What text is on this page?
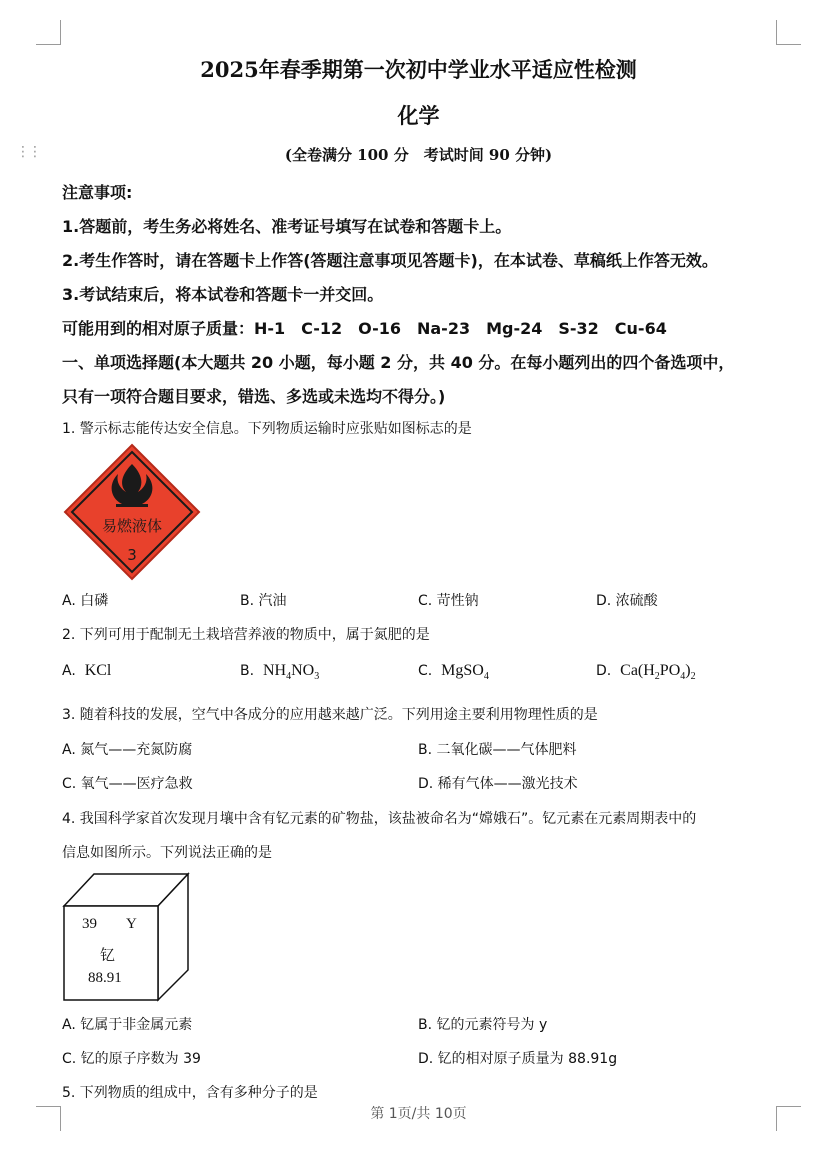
⋮⋮
2025年春季期第一次初中学业水平适应性检测
化学
(全卷满分 100 分　考试时间 90 分钟)
注意事项:
1.答题前，考生务必将姓名、准考证号填写在试卷和答题卡上。
2.考生作答时，请在答题卡上作答(答题注意事项见答题卡)，在本试卷、草稿纸上作答无效。
3.考试结束后，将本试卷和答题卡一并交回。
可能用到的相对原子质量：H-1　C-12　O-16　Na-23　Mg-24　S-32　Cu-64
一、单项选择题(本大题共 20 小题，每小题 2 分，共 40 分。在每小题列出的四个备选项中，
只有一项符合题目要求，错选、多选或未选均不得分。)
1. 警示标志能传达安全信息。下列物质运输时应张贴如图标志的是
易燃液体
3
A. 白磷	B. 汽油	C. 苛性钠	D. 浓硫酸
2. 下列可用于配制无土栽培营养液的物质中，属于氮肥的是
A. KCl	B. $NH_4NO_3$	C. MgSO$_4$	D. $Ca(H_2PO_4)_2$
3. 随着科技的发展，空气中各成分的应用越来越广泛。下列用途主要利用物理性质的是
A. 氮气——充氮防腐	B. 二氧化碳——气体肥料
C. 氧气——医疗急救	D. 稀有气体——激光技术
4. 我国科学家首次发现月壤中含有钇元素的矿物盐，该盐被命名为“嫦娥石”。钇元素在元素周期表中的
信息如图所示。下列说法正确的是
39 Y
钇
88.91
A. 钇属于非金属元素	B. 钇的元素符号为 y
C. 钇的原子序数为 39	D. 钇的相对原子质量为 88.91g
5. 下列物质的组成中，含有多种分子的是
第 1页/共 10页
